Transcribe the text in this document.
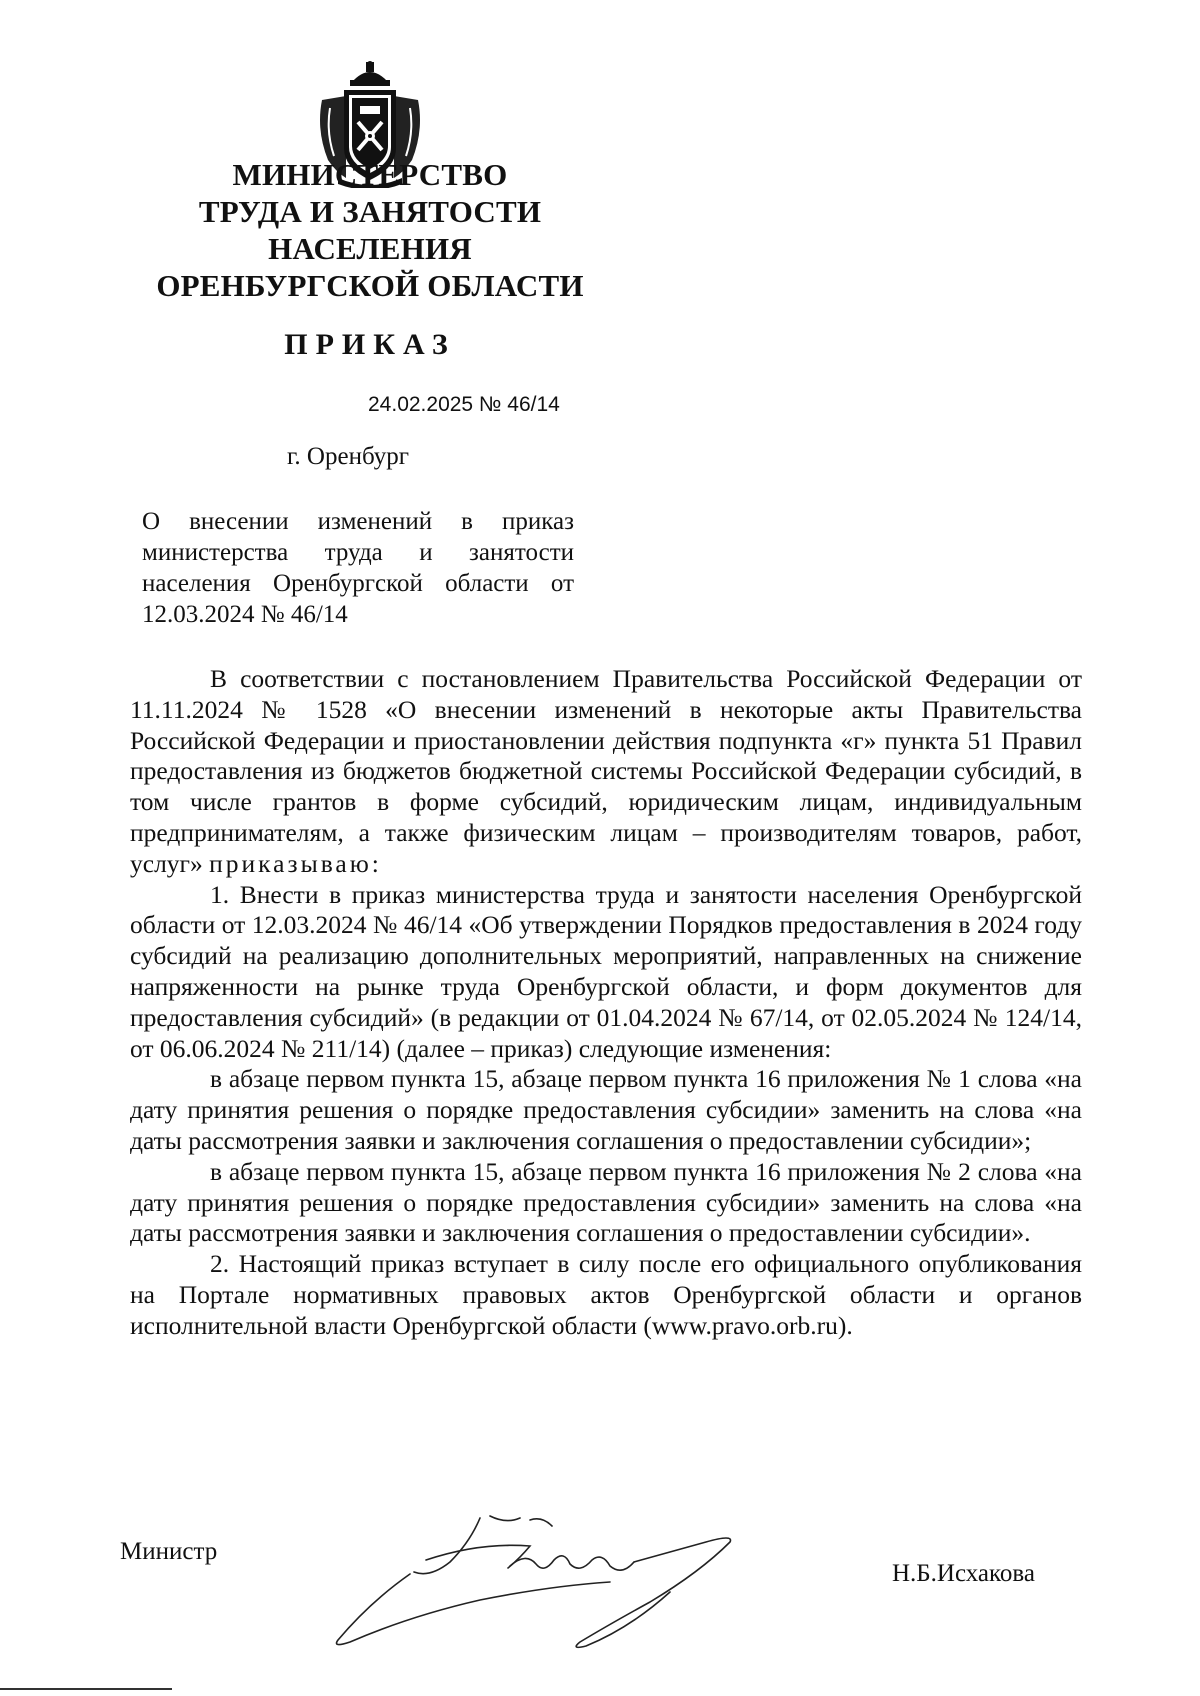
МИНИСТЕРСТВО
ТРУДА И ЗАНЯТОСТИ
НАСЕЛЕНИЯ
ОРЕНБУРГСКОЙ ОБЛАСТИ
ПРИКАЗ
24.02.2025 № 46/14
г. Оренбург
О внесении изменений в приказ министерства труда и занятости населения Оренбургской области от 12.03.2024 № 46/14

В соответствии с постановлением Правительства Российской Федерации от 11.11.2024 № 1528 «О внесении изменений в некоторые акты Правительства Российской Федерации и приостановлении действия подпункта «г» пункта 51 Правил предоставления из бюджетов бюджетной системы Российской Федерации субсидий, в том числе грантов в форме субсидий, юридическим лицам, индивидуальным предпринимателям, а также физическим лицам – производителям товаров, работ, услуг» приказываю:

1. Внести в приказ министерства труда и занятости населения Оренбургской области от 12.03.2024 № 46/14 «Об утверждении Порядков предоставления в 2024 году субсидий на реализацию дополнительных мероприятий, направленных на снижение напряженности на рынке труда Оренбургской области, и форм документов для предоставления субсидий» (в редакции от 01.04.2024 № 67/14, от 02.05.2024 № 124/14, от 06.06.2024 № 211/14) (далее – приказ) следующие изменения:

в абзаце первом пункта 15, абзаце первом пункта 16 приложения № 1 слова «на дату принятия решения о порядке предоставления субсидии» заменить на слова «на даты рассмотрения заявки и заключения соглашения о предоставлении субсидии»;

в абзаце первом пункта 15, абзаце первом пункта 16 приложения № 2 слова «на дату принятия решения о порядке предоставления субсидии» заменить на слова «на даты рассмотрения заявки и заключения соглашения о предоставлении субсидии».

2. Настоящий приказ вступает в силу после его официального опубликования на Портале нормативных правовых актов Оренбургской области и органов исполнительной власти Оренбургской области (www.pravo.orb.ru).

Министр
Н.Б.Исхакова
